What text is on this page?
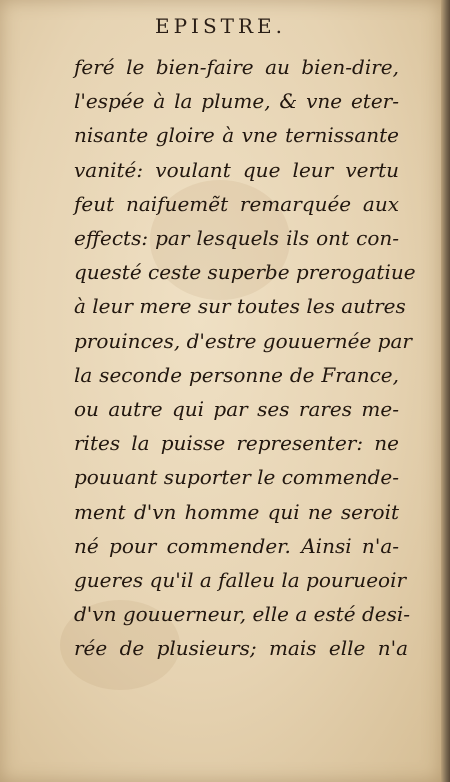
EPISTRE.
feré le bien-faire au bien-dire,
l'espée à la plume, & vne eter-
nisante gloire à vne ternissante
vanité: voulant que leur vertu
feut naifuemẽt remarquée aux
effects: par lesquels ils ont con-
questé ceste superbe prerogatiue
à leur mere sur toutes les autres
prouinces, d'estre gouuernée par
la seconde personne de France,
ou autre qui par ses rares me-
rites la puisse representer: ne
pouuant suporter le commende-
ment d'vn homme qui ne seroit
né pour commender. Ainsi n'a-
gueres qu'il a falleu la pourueoir
d'vn gouuerneur, elle a esté desi-
rée de plusieurs; mais elle n'a
